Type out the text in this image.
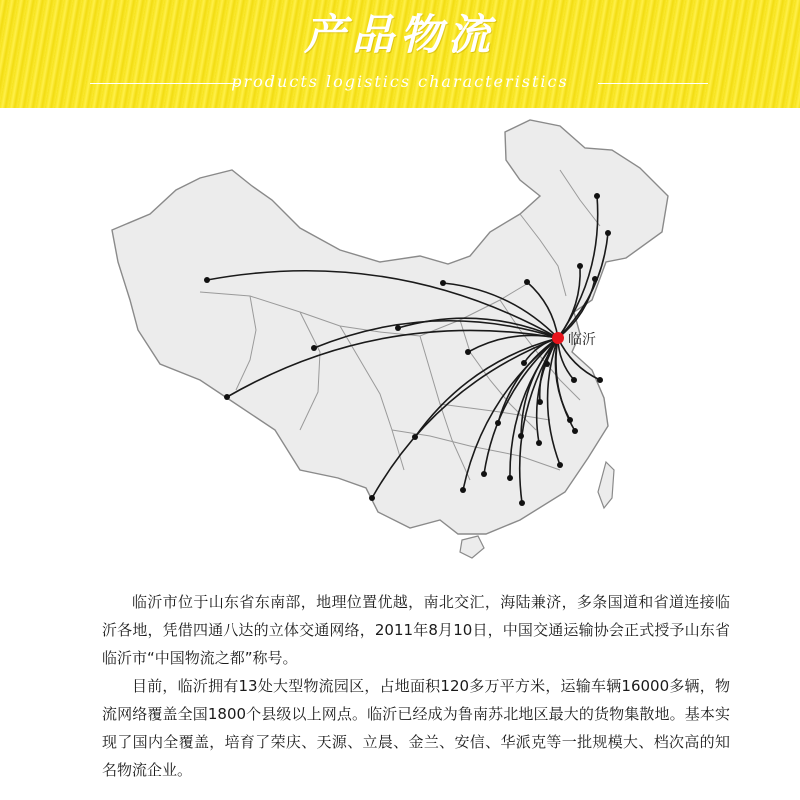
产品物流
products logistics characteristics
临沂

临沂市位于山东省东南部，地理位置优越，南北交汇，海陆兼济，多条国道和省道连接临沂各地，凭借四通八达的立体交通网络，2011年8月10日，中国交通运输协会正式授予山东省临沂市“中国物流之都”称号。

目前，临沂拥有13处大型物流园区，占地面积120多万平方米，运输车辆16000多辆，物流网络覆盖全国1800个县级以上网点。临沂已经成为鲁南苏北地区最大的货物集散地。基本实现了国内全覆盖，培育了荣庆、天源、立晨、金兰、安信、华派克等一批规模大、档次高的知名物流企业。
